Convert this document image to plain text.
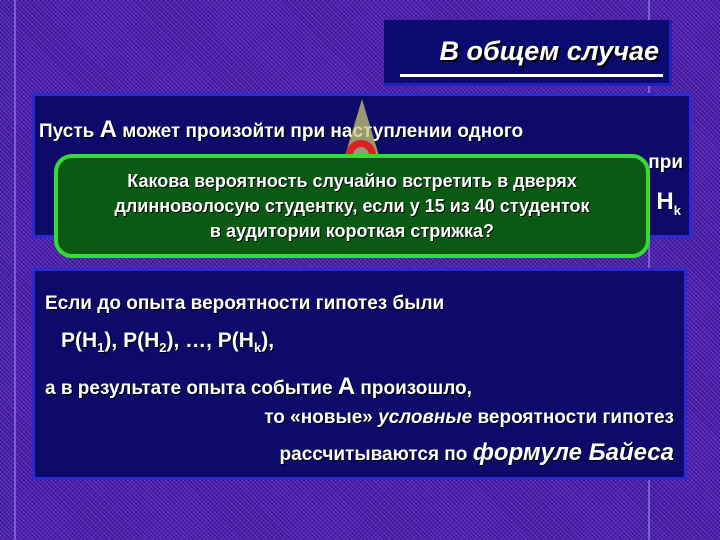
В общем случае
Пусть А может произойти при наступлении одного
при
$H_k$
Какова вероятность случайно встретить в дверях
длинноволосую студентку, если у 15 из 40 студенток
в аудитории короткая стрижка?
Если до опыта вероятности гипотез были
$P(H_1)$, $P(H_2)$, …, $P(H_k)$,
а в результате опыта событие А произошло,
то «новые» условные вероятности гипотез
рассчитываются по формуле Байеса
